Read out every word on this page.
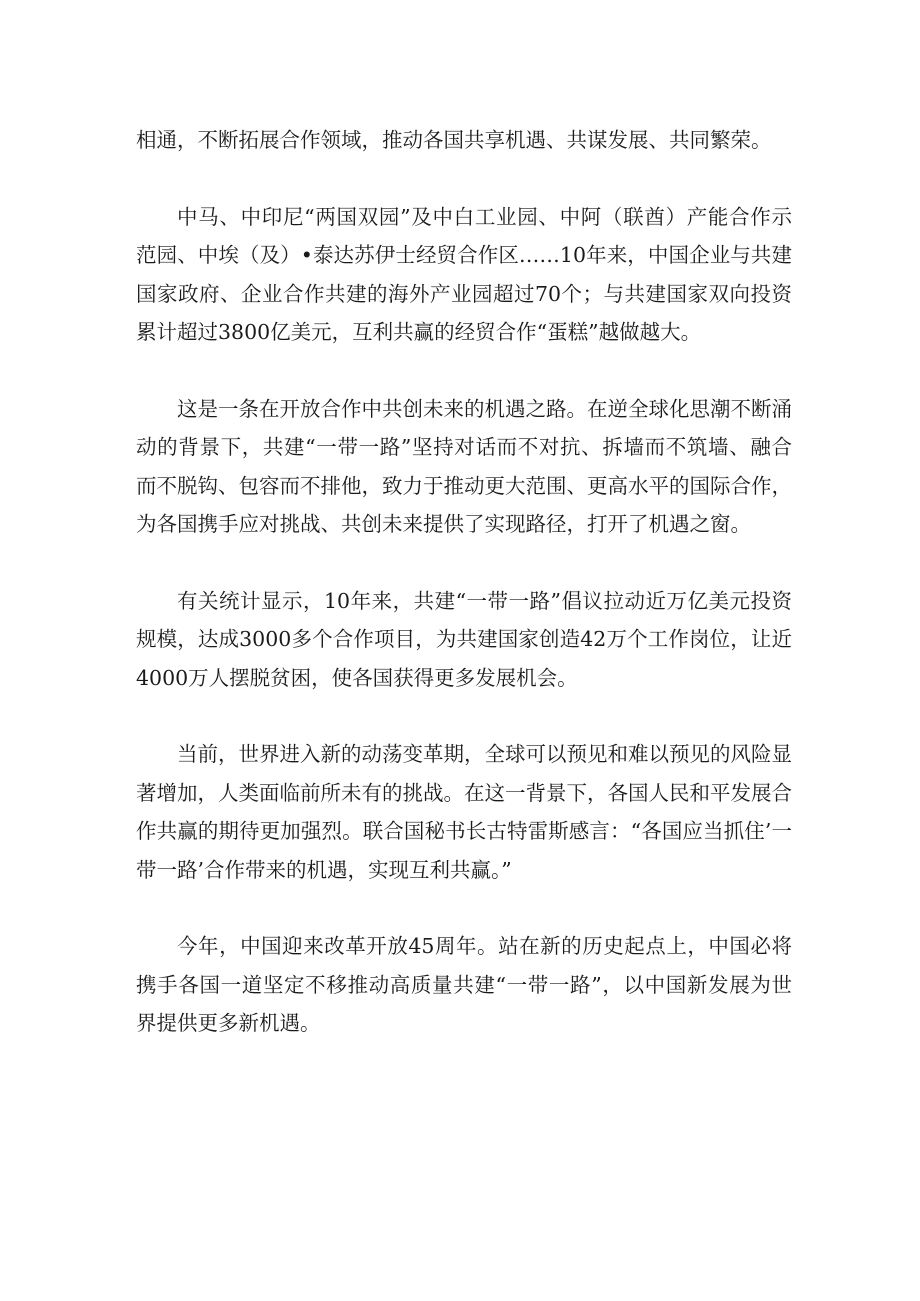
相通，不断拓展合作领域，推动各国共享机遇、共谋发展、共同繁荣。

中马、中印尼“两国双园”及中白工业园、中阿（联酋）产能合作示范园、中埃（及）•泰达苏伊士经贸合作区……10年来，中国企业与共建国家政府、企业合作共建的海外产业园超过70个；与共建国家双向投资累计超过3800亿美元，互利共赢的经贸合作“蛋糕”越做越大。

这是一条在开放合作中共创未来的机遇之路。在逆全球化思潮不断涌动的背景下，共建“一带一路”坚持对话而不对抗、拆墙而不筑墙、融合而不脱钩、包容而不排他，致力于推动更大范围、更高水平的国际合作，为各国携手应对挑战、共创未来提供了实现路径，打开了机遇之窗。

有关统计显示，10年来，共建“一带一路”倡议拉动近万亿美元投资规模，达成3000多个合作项目，为共建国家创造42万个工作岗位，让近4000万人摆脱贫困，使各国获得更多发展机会。

当前，世界进入新的动荡变革期，全球可以预见和难以预见的风险显著增加，人类面临前所未有的挑战。在这一背景下，各国人民和平发展合作共赢的期待更加强烈。联合国秘书长古特雷斯感言：“各国应当抓住’一带一路’合作带来的机遇，实现互利共赢。”

今年，中国迎来改革开放45周年。站在新的历史起点上，中国必将携手各国一道坚定不移推动高质量共建“一带一路”，以中国新发展为世界提供更多新机遇。
